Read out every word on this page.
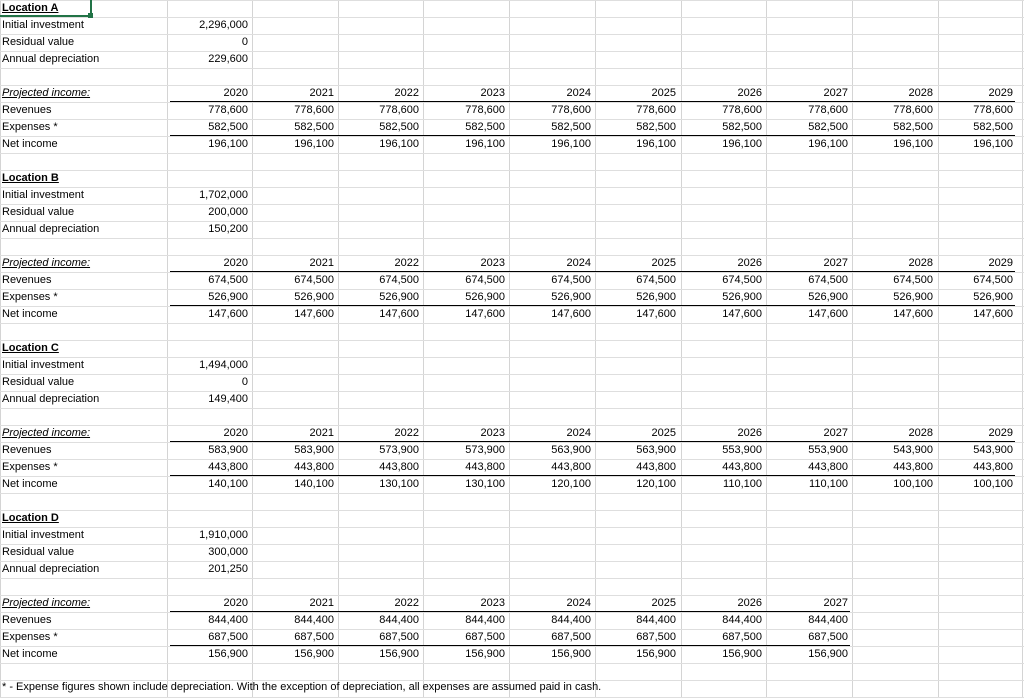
Location A
Initial investment	2,296,000
Residual value	0
Annual depreciation	229,600
Projected income:	2020	2021	2022	2023	2024	2025	2026	2027	2028	2029
Revenues	778,600	778,600	778,600	778,600	778,600	778,600	778,600	778,600	778,600	778,600
Expenses *	582,500	582,500	582,500	582,500	582,500	582,500	582,500	582,500	582,500	582,500
Net income	196,100	196,100	196,100	196,100	196,100	196,100	196,100	196,100	196,100	196,100
Location B
Initial investment	1,702,000
Residual value	200,000
Annual depreciation	150,200
Projected income:	2020	2021	2022	2023	2024	2025	2026	2027	2028	2029
Revenues	674,500	674,500	674,500	674,500	674,500	674,500	674,500	674,500	674,500	674,500
Expenses *	526,900	526,900	526,900	526,900	526,900	526,900	526,900	526,900	526,900	526,900
Net income	147,600	147,600	147,600	147,600	147,600	147,600	147,600	147,600	147,600	147,600
Location C
Initial investment	1,494,000
Residual value	0
Annual depreciation	149,400
Projected income:	2020	2021	2022	2023	2024	2025	2026	2027	2028	2029
Revenues	583,900	583,900	573,900	573,900	563,900	563,900	553,900	553,900	543,900	543,900
Expenses *	443,800	443,800	443,800	443,800	443,800	443,800	443,800	443,800	443,800	443,800
Net income	140,100	140,100	130,100	130,100	120,100	120,100	110,100	110,100	100,100	100,100
Location D
Initial investment	1,910,000
Residual value	300,000
Annual depreciation	201,250
Projected income:	2020	2021	2022	2023	2024	2025	2026	2027
Revenues	844,400	844,400	844,400	844,400	844,400	844,400	844,400	844,400
Expenses *	687,500	687,500	687,500	687,500	687,500	687,500	687,500	687,500
Net income	156,900	156,900	156,900	156,900	156,900	156,900	156,900	156,900
* - Expense figures shown include depreciation. With the exception of depreciation, all expenses are assumed paid in cash.
